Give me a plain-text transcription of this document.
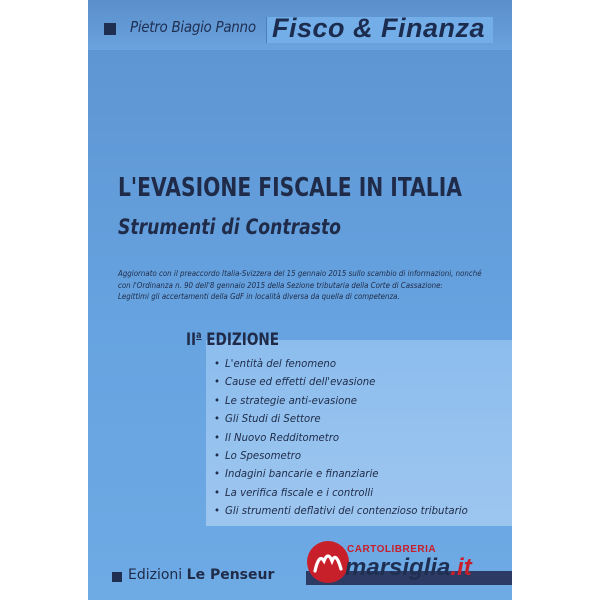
Pietro Biagio Panno Fisco & Finanza
L'EVASIONE FISCALE IN ITALIA
Strumenti di Contrasto
Aggiornato con il preaccordo Italia-Svizzera del 15 gennaio 2015 sullo scambio di informazioni, nonché
con l'Ordinanza n. 90 dell'8 gennaio 2015 della Sezione tributaria della Corte di Cassazione:
Legittimi gli accertamenti della GdF in località diversa da quella di competenza.
$II^a$ EDIZIONE
• L'entità del fenomeno
• Cause ed effetti dell'evasione
• Le strategie anti-evasione
• Gli Studi di Settore
• Il Nuovo Redditometro
• Lo Spesometro
• Indagini bancarie e finanziarie
• La verifica fiscale e i controlli
• Gli strumenti deflativi del contenzioso tributario
Edizioni Le Penseur
CARTOLIBRERIA
marsiglia.it
